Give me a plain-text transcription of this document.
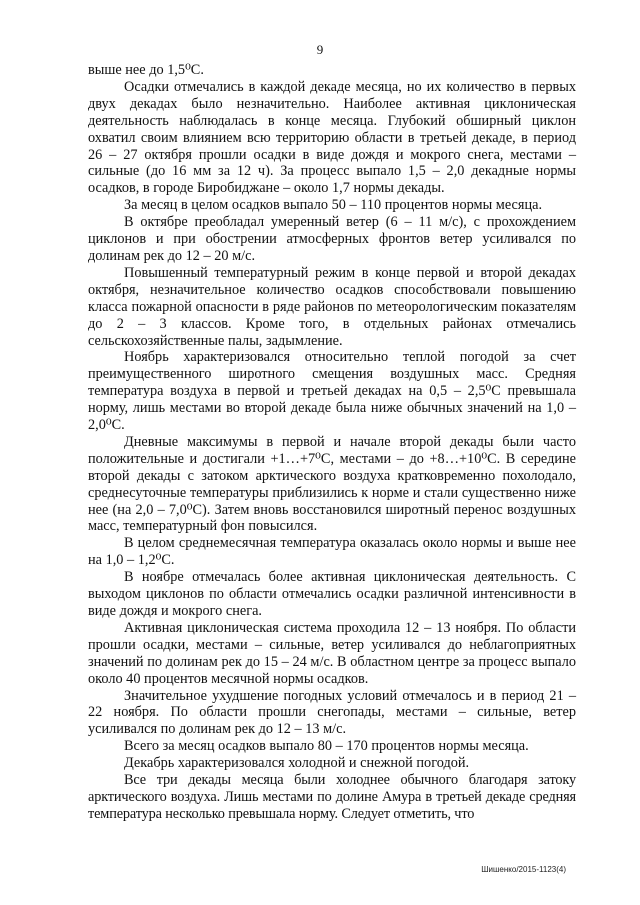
9

выше нее до 1,5⁰С.

Осадки отмечались в каждой декаде месяца, но их количество в первых двух декадах было незначительно. Наиболее активная циклоническая деятельность наблюдалась в конце месяца. Глубокий обширный циклон охватил своим влиянием всю территорию области в третьей декаде, в период 26 – 27 октября прошли осадки в виде дождя и мокрого снега, местами – сильные (до 16 мм за 12 ч). За процесс выпало 1,5 – 2,0 декадные нормы осадков, в городе Биробиджане – около 1,7 нормы декады.

За месяц в целом осадков выпало 50 – 110 процентов нормы месяца.

В октябре преобладал умеренный ветер (6 – 11 м/с), с прохождением циклонов и при обострении атмосферных фронтов ветер усиливался по долинам рек до 12 – 20 м/с.

Повышенный температурный режим в конце первой и второй декадах октября, незначительное количество осадков способствовали повышению класса пожарной опасности в ряде районов по метеорологическим показателям до 2 – 3 классов. Кроме того, в отдельных районах отмечались сельскохозяйственные палы, задымление.

Ноябрь характеризовался относительно теплой погодой за счет преимущественного широтного смещения воздушных масс. Средняя температура воздуха в первой и третьей декадах на 0,5 – 2,5⁰С превышала норму, лишь местами во второй декаде была ниже обычных значений на 1,0 – 2,0⁰С.

Дневные максимумы в первой и начале второй декады были часто положительные и достигали +1…+7⁰С, местами – до +8…+10⁰С. В середине второй декады с затоком арктического воздуха кратковременно похолодало, среднесуточные температуры приблизились к норме и стали существенно ниже нее (на 2,0 – 7,0⁰С). Затем вновь восстановился широтный перенос воздушных масс, температурный фон повысился.

В целом среднемесячная температура оказалась около нормы и выше нее на 1,0 – 1,2⁰С.

В ноябре отмечалась более активная циклоническая деятельность. С выходом циклонов по области отмечались осадки различной интенсивности в виде дождя и мокрого снега.

Активная циклоническая система проходила 12 – 13 ноября. По области прошли осадки, местами – сильные, ветер усиливался до неблагоприятных значений по долинам рек до 15 – 24 м/с. В областном центре за процесс выпало около 40 процентов месячной нормы осадков.

Значительное ухудшение погодных условий отмечалось и в период 21 – 22 ноября. По области прошли снегопады, местами – сильные, ветер усиливался по долинам рек до 12 – 13 м/с.

Всего за месяц осадков выпало 80 – 170 процентов нормы месяца.

Декабрь характеризовался холодной и снежной погодой.

Все три декады месяца были холоднее обычного благодаря затоку арктического воздуха. Лишь местами по долине Амура в третьей декаде средняя температура несколько превышала норму. Следует отметить, что

Шишенко/2015-1123(4)
